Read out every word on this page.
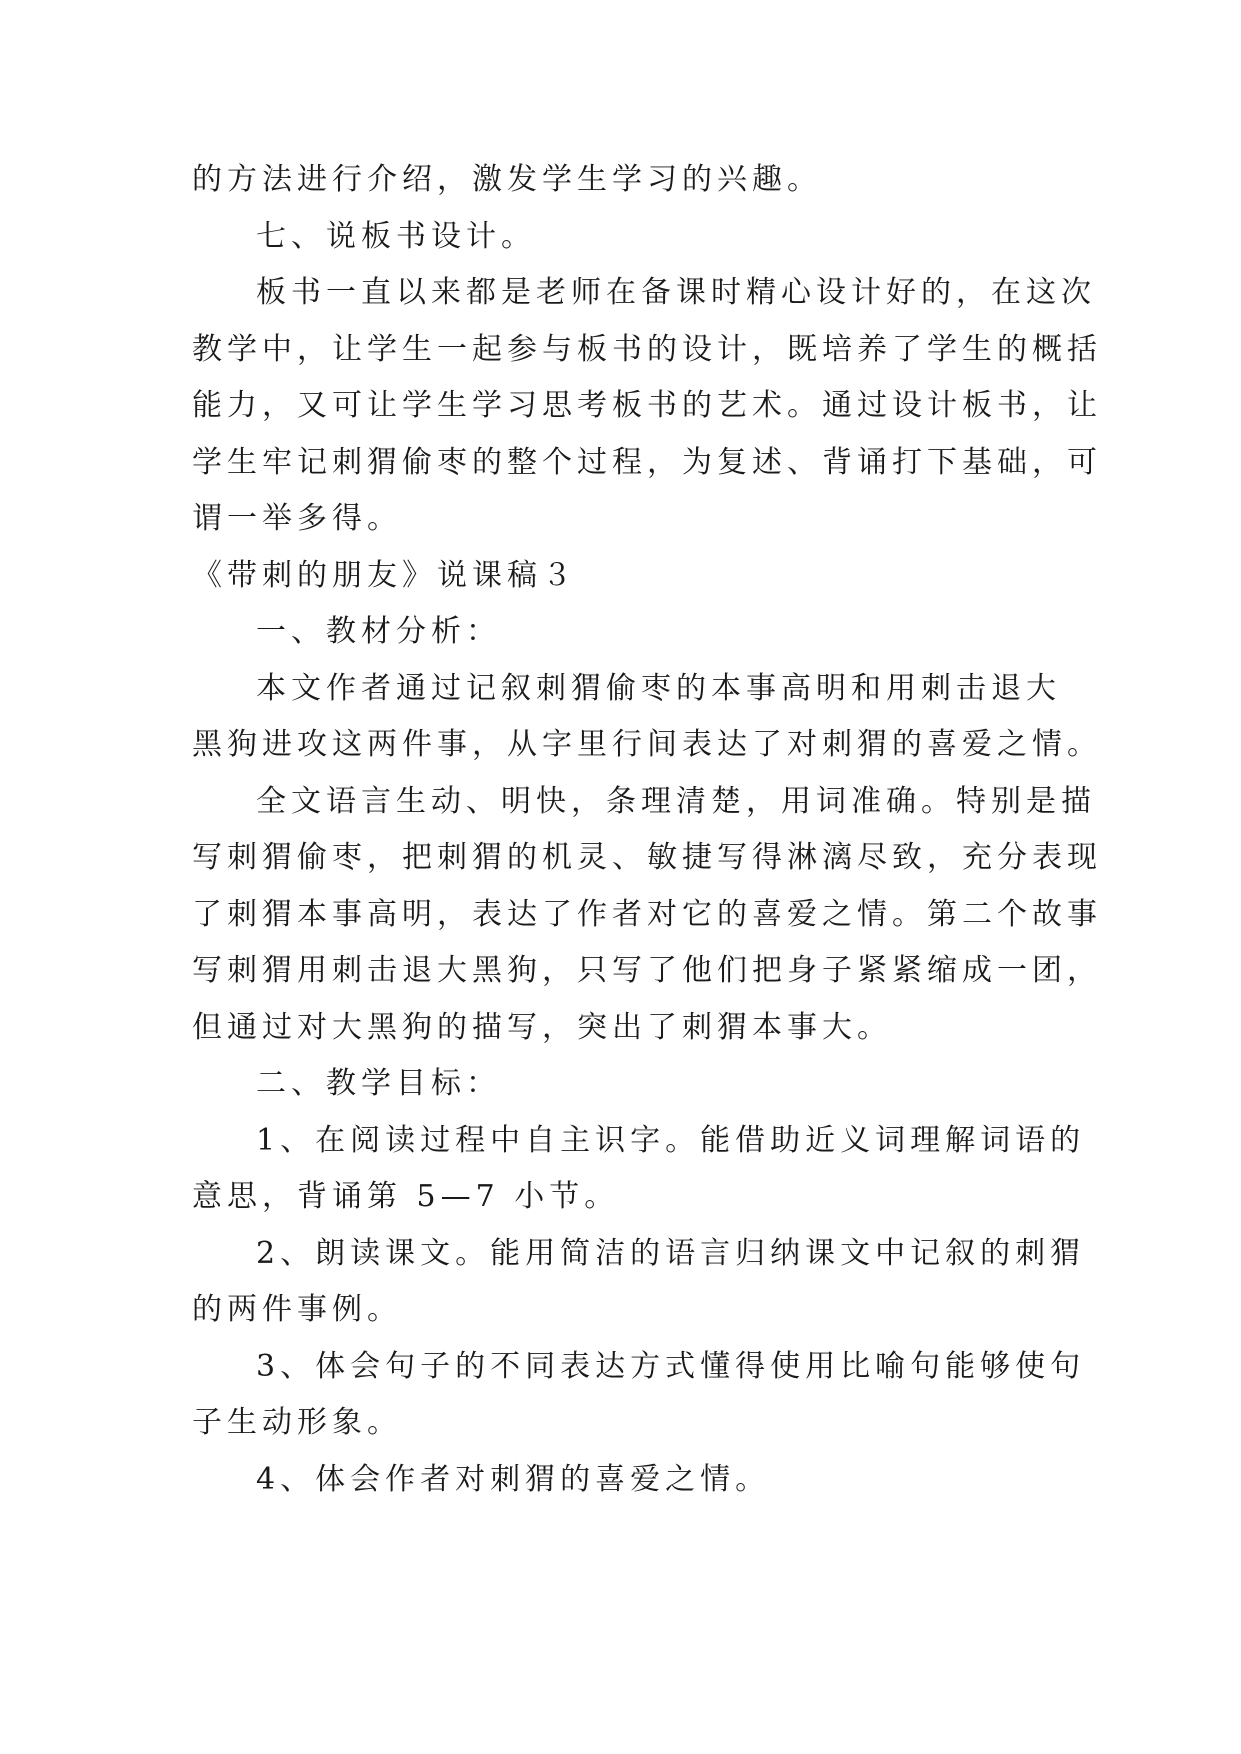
的方法进行介绍，激发学生学习的兴趣。
七、说板书设计。
板书一直以来都是老师在备课时精心设计好的，在这次
教学中，让学生一起参与板书的设计，既培养了学生的概括
能力，又可让学生学习思考板书的艺术。通过设计板书，让
学生牢记刺猬偷枣的整个过程，为复述、背诵打下基础，可
谓一举多得。
《带刺的朋友》说课稿３
一、教材分析：
本文作者通过记叙刺猬偷枣的本事高明和用刺击退大
黑狗进攻这两件事，从字里行间表达了对刺猬的喜爱之情。
全文语言生动、明快，条理清楚，用词准确。特别是描
写刺猬偷枣，把刺猬的机灵、敏捷写得淋漓尽致，充分表现
了刺猬本事高明，表达了作者对它的喜爱之情。第二个故事
写刺猬用刺击退大黑狗，只写了他们把身子紧紧缩成一团，
但通过对大黑狗的描写，突出了刺猬本事大。
二、教学目标：
1、在阅读过程中自主识字。能借助近义词理解词语的
意思，背诵第 5—7 小节。
2、朗读课文。能用简洁的语言归纳课文中记叙的刺猬
的两件事例。
3、体会句子的不同表达方式懂得使用比喻句能够使句
子生动形象。
4、体会作者对刺猬的喜爱之情。
